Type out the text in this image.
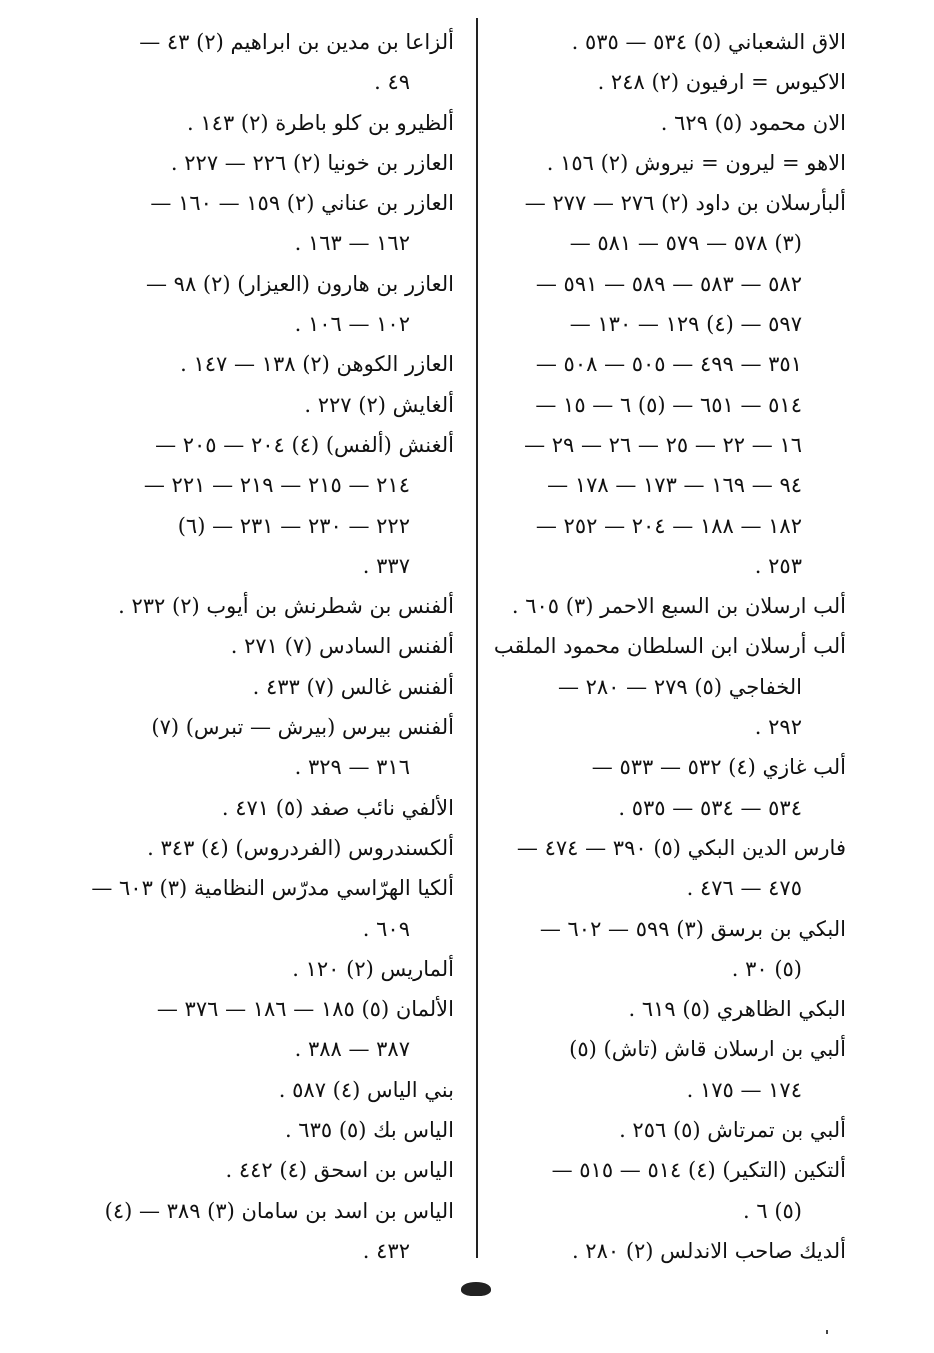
الاق الشعباني (٥) ٥٣٤ — ٥٣٥ .
الاكيوس = ارفيون (٢) ٢٤٨ .
الان محمود (٥) ٦٢٩ .
الاهو = ليرون = نيروش (٢) ١٥٦ .
ألبأرسلان بن داود (٢) ٢٧٦ — ٢٧٧ —
(٣) ٥٧٨ — ٥٧٩ — ٥٨١ —
٥٨٢ — ٥٨٣ — ٥٨٩ — ٥٩١ —
٥٩٧ — (٤) ١٢٩ — ١٣٠ —
٣٥١ — ٤٩٩ — ٥٠٥ — ٥٠٨ —
٥١٤ — ٦٥١ — (٥) ٦ — ١٥ —
١٦ — ٢٢ — ٢٥ — ٢٦ — ٢٩ —
٩٤ — ١٦٩ — ١٧٣ — ١٧٨ —
١٨٢ — ١٨٨ — ٢٠٤ — ٢٥٢ —
٢٥٣ .
ألب ارسلان بن السبع الاحمر (٣) ٦٠٥ .
ألب أرسلان ابن السلطان محمود الملقب
الخفاجي (٥) ٢٧٩ — ٢٨٠ —
٢٩٢ .
ألب غازي (٤) ٥٣٢ — ٥٣٣ —
٥٣٤ — ٥٣٤ — ٥٣٥ .
فارس الدين البكي (٥) ٣٩٠ — ٤٧٤ —
٤٧٥ — ٤٧٦ .
البكي بن برسق (٣) ٥٩٩ — ٦٠٢ —
(٥) ٣٠ .
البكي الظاهري (٥) ٦١٩ .
ألبي بن ارسلان قاش (تاش) (٥)
١٧٤ — ١٧٥ .
ألبي بن تمرتاش (٥) ٢٥٦ .
ألتكين (التكير) (٤) ٥١٤ — ٥١٥ —
(٥) ٦ .
ألديك صاحب الاندلس (٢) ٢٨٠ .
ألزاعا بن مدين بن ابراهيم (٢) ٤٣ —
٤٩ .
ألظيرو بن كلو باطرة (٢) ١٤٣ .
العازر بن خونيا (٢) ٢٢٦ — ٢٢٧ .
العازر بن عناني (٢) ١٥٩ — ١٦٠ —
١٦٢ — ١٦٣ .
العازر بن هارون (العيزار) (٢) ٩٨ —
١٠٢ — ١٠٦ .
العازر الكوهن (٢) ١٣٨ — ١٤٧ .
ألغايش (٢) ٢٢٧ .
ألغنش (ألفس) (٤) ٢٠٤ — ٢٠٥ —
٢١٤ — ٢١٥ — ٢١٩ — ٢٢١ —
٢٢٢ — ٢٣٠ — ٢٣١ — (٦)
٣٣٧ .
ألفنس بن شطرنش بن أيوب (٢) ٢٣٢ .
ألفنس السادس (٧) ٢٧١ .
ألفنس غالس (٧) ٤٣٣ .
ألفنس بيرس (بيرش — تبرس) (٧)
٣١٦ — ٣٢٩ .
الألفي نائب صفد (٥) ٤٧١ .
ألكسندروس (الفردروس) (٤) ٣٤٣ .
ألكيا الهرّاسي مدرّس النظامية (٣) ٦٠٣ —
٦٠٩ .
ألماريس (٢) ١٢٠ .
الألمان (٥) ١٨٥ — ١٨٦ — ٣٧٦ —
٣٨٧ — ٣٨٨ .
بني الياس (٤) ٥٨٧ .
الياس بك (٥) ٦٣٥ .
الياس بن اسحق (٤) ٤٤٢ .
الياس بن اسد بن سامان (٣) ٣٨٩ — (٤)
٤٣٢ .
